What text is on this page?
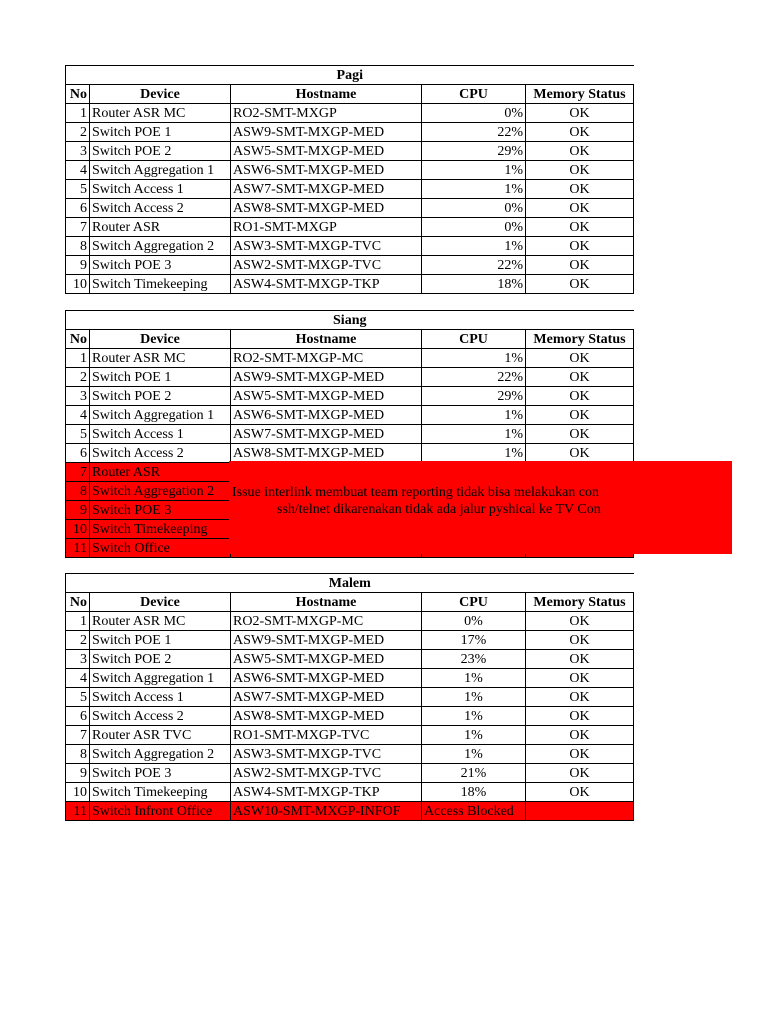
Pagi				
No	Device	Hostname	CPU	Memory Status
1	Router ASR MC	RO2-SMT-MXGP	0%	OK
2	Switch POE 1	ASW9-SMT-MXGP-MED	22%	OK
3	Switch POE 2	ASW5-SMT-MXGP-MED	29%	OK
4	Switch Aggregation 1	ASW6-SMT-MXGP-MED	1%	OK
5	Switch Access 1	ASW7-SMT-MXGP-MED	1%	OK
6	Switch Access 2	ASW8-SMT-MXGP-MED	0%	OK
7	Router ASR	RO1-SMT-MXGP	0%	OK
8	Switch Aggregation 2	ASW3-SMT-MXGP-TVC	1%	OK
9	Switch POE 3	ASW2-SMT-MXGP-TVC	22%	OK
10	Switch Timekeeping	ASW4-SMT-MXGP-TKP	18%	OK
Siang				
No	Device	Hostname	CPU	Memory Status
1	Router ASR MC	RO2-SMT-MXGP-MC	1%	OK
2	Switch POE 1	ASW9-SMT-MXGP-MED	22%	OK
3	Switch POE 2	ASW5-SMT-MXGP-MED	29%	OK
4	Switch Aggregation 1	ASW6-SMT-MXGP-MED	1%	OK
5	Switch Access 1	ASW7-SMT-MXGP-MED	1%	OK
6	Switch Access 2	ASW8-SMT-MXGP-MED	1%	OK
7	Router ASR			
8	Switch Aggregation 2			
9	Switch POE 3			
10	Switch Timekeeping			
11	Switch Office			
Issue interlink membuat team reporting tidak bisa melakukan con
ssh/telnet dikarenakan tidak ada jalur pyshical ke TV Con
Malem				
No	Device	Hostname	CPU	Memory Status
1	Router ASR MC	RO2-SMT-MXGP-MC	0%	OK
2	Switch POE 1	ASW9-SMT-MXGP-MED	17%	OK
3	Switch POE 2	ASW5-SMT-MXGP-MED	23%	OK
4	Switch Aggregation 1	ASW6-SMT-MXGP-MED	1%	OK
5	Switch Access 1	ASW7-SMT-MXGP-MED	1%	OK
6	Switch Access 2	ASW8-SMT-MXGP-MED	1%	OK
7	Router ASR TVC	RO1-SMT-MXGP-TVC	1%	OK
8	Switch Aggregation 2	ASW3-SMT-MXGP-TVC	1%	OK
9	Switch POE 3	ASW2-SMT-MXGP-TVC	21%	OK
10	Switch Timekeeping	ASW4-SMT-MXGP-TKP	18%	OK
11	Switch Infront Office	ASW10-SMT-MXGP-INFOF	Access Blocked	
